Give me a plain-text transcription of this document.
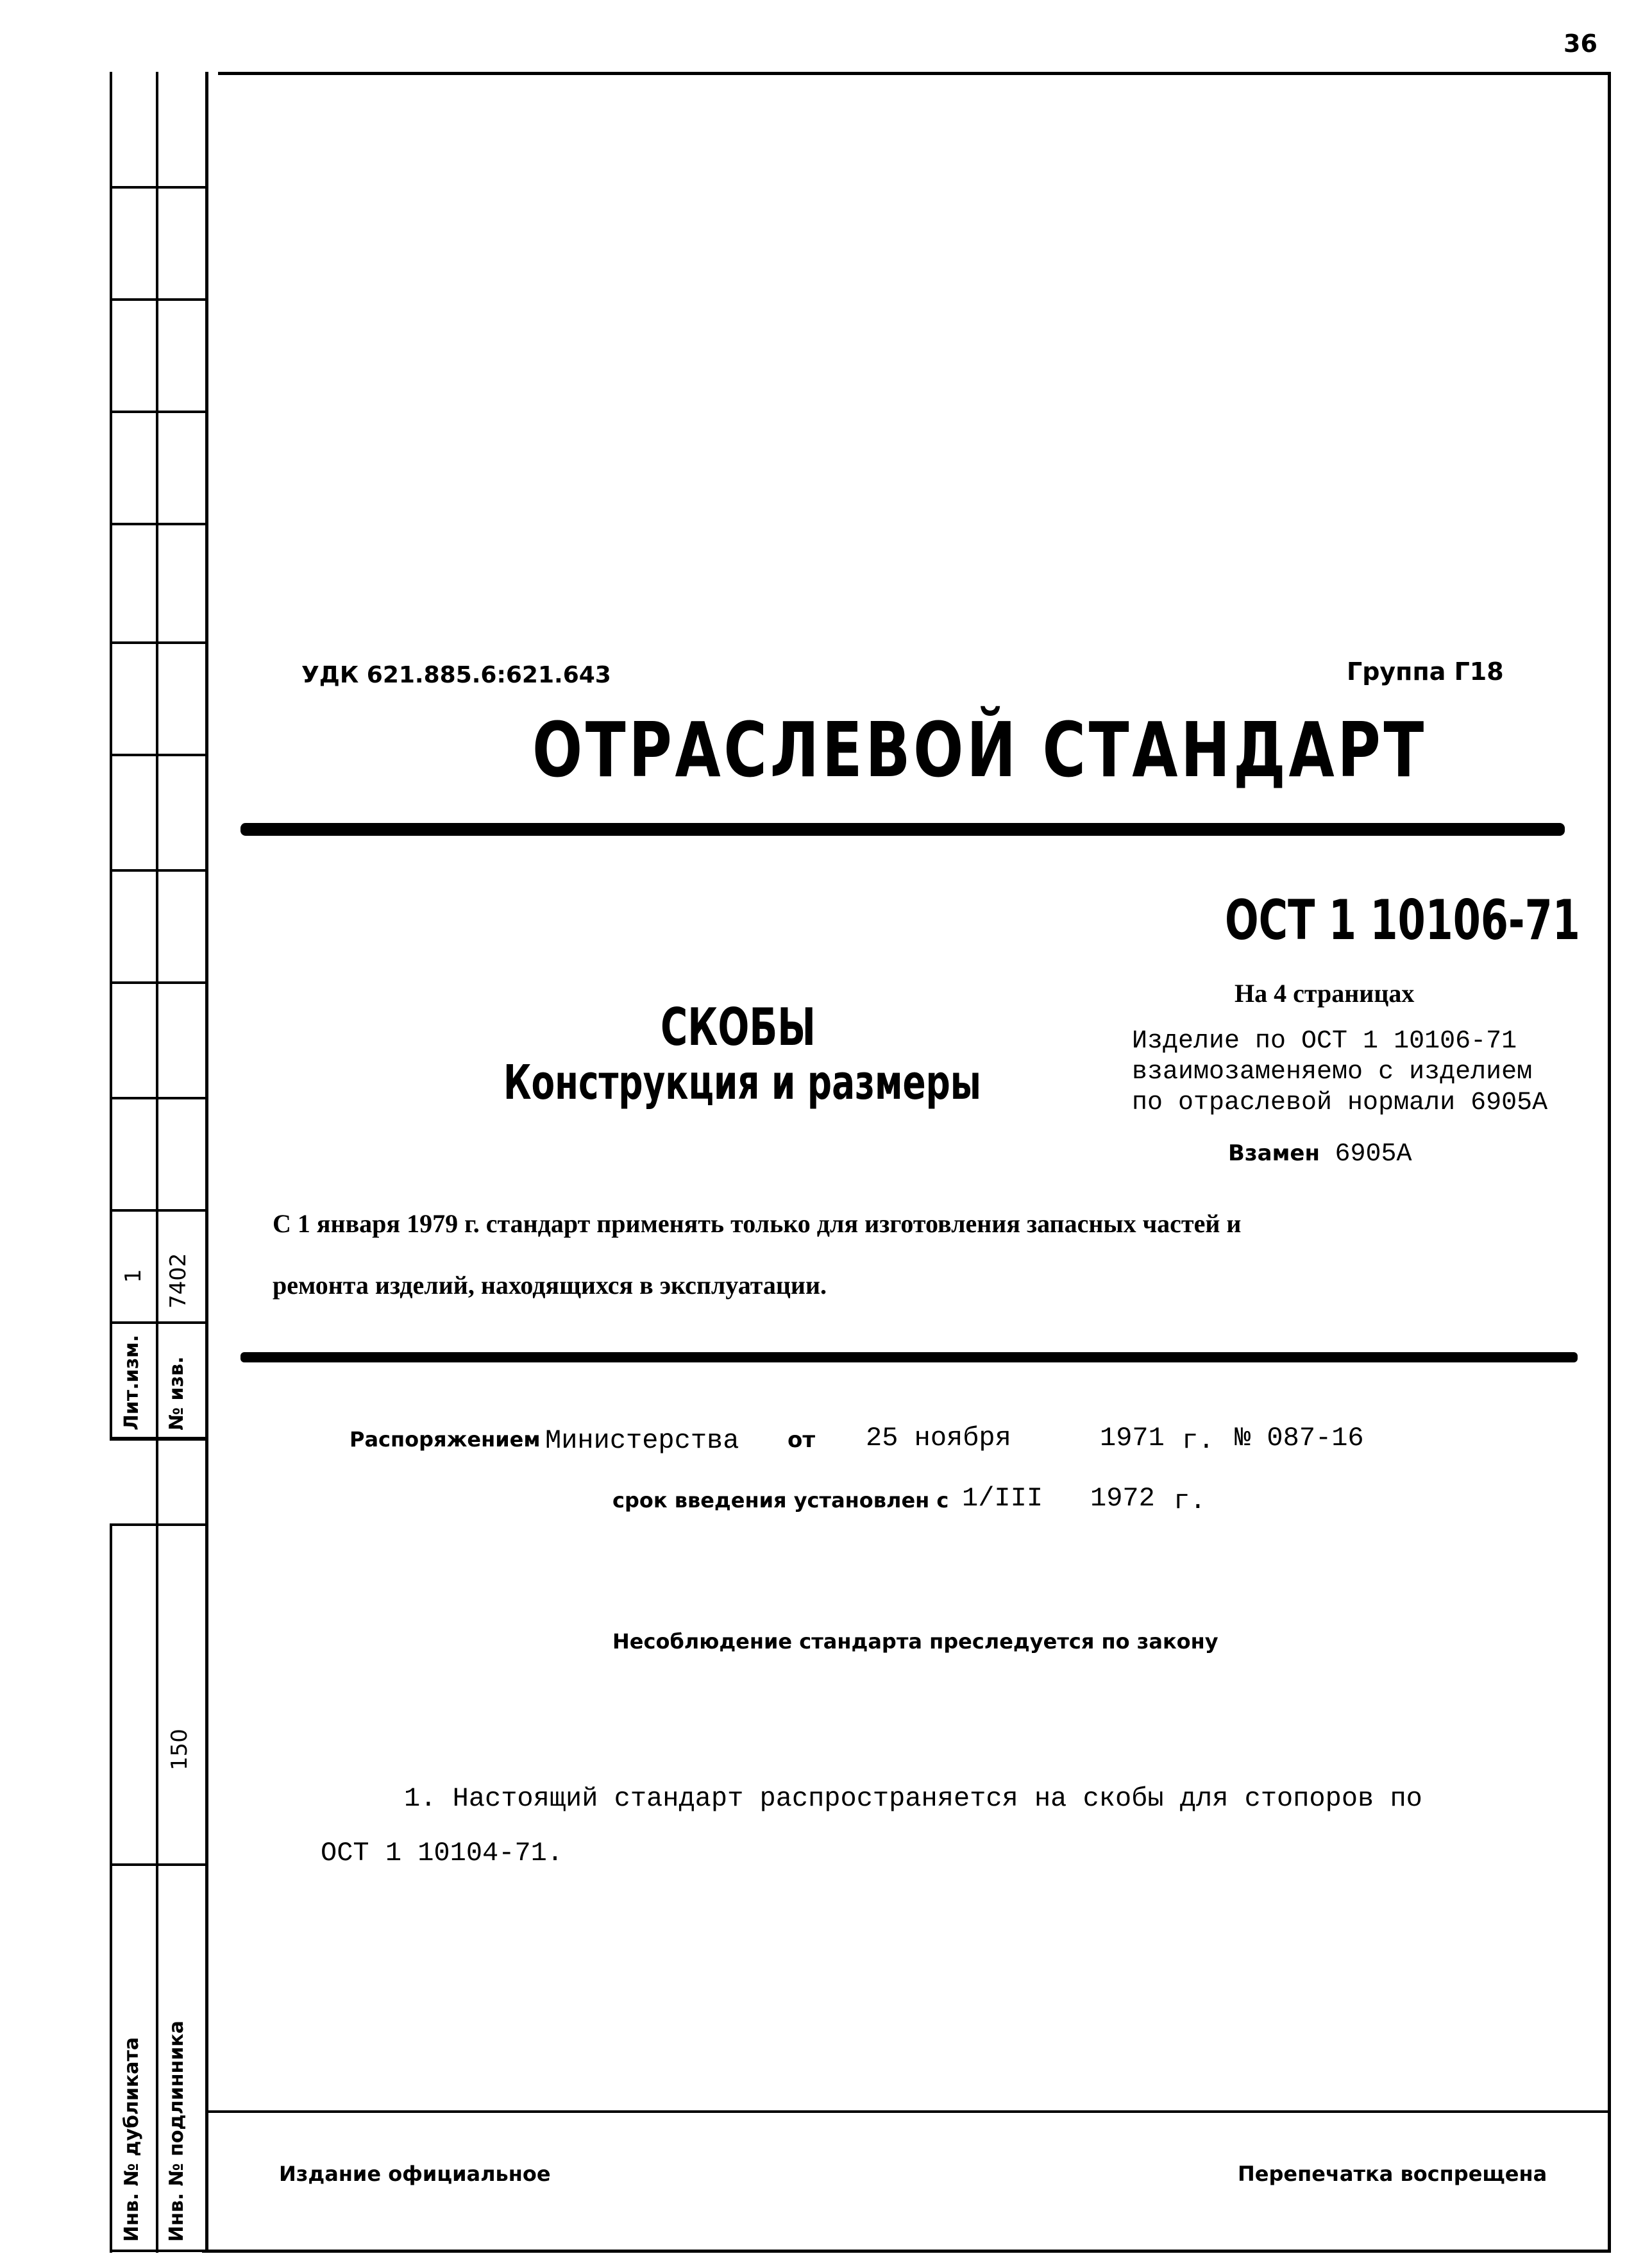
36
Лит.изм.
1
№ изв.
7402
Инв. № дубликата Инв. № подлинника
150
УДК 621.885.6:621.643	Группа Г18
ОТРАСЛЕВОЙ СТАНДАРТ
ОСТ 1 10106-71
На 4 страницах
СКОБЫ
Конструкция и размеры
Изделие по ОСТ 1 10106-71
взаимозаменяемо с изделием
по отраслевой нормали 6905А
Взамен 6905А
С 1 января 1979 г. стандарт применять только для изготовления запасных частей и
ремонта изделий, находящихся в эксплуатации.
Распоряжением Министерства от 25 ноября	1971 г. № 087-16
срок введения установлен с 1/III 1972 г.
Несоблюдение стандарта преследуется по закону
1. Настоящий стандарт распространяется на скобы для стопоров по
ОСТ 1 10104-71.
Издание официальное	Перепечатка воспрещена
